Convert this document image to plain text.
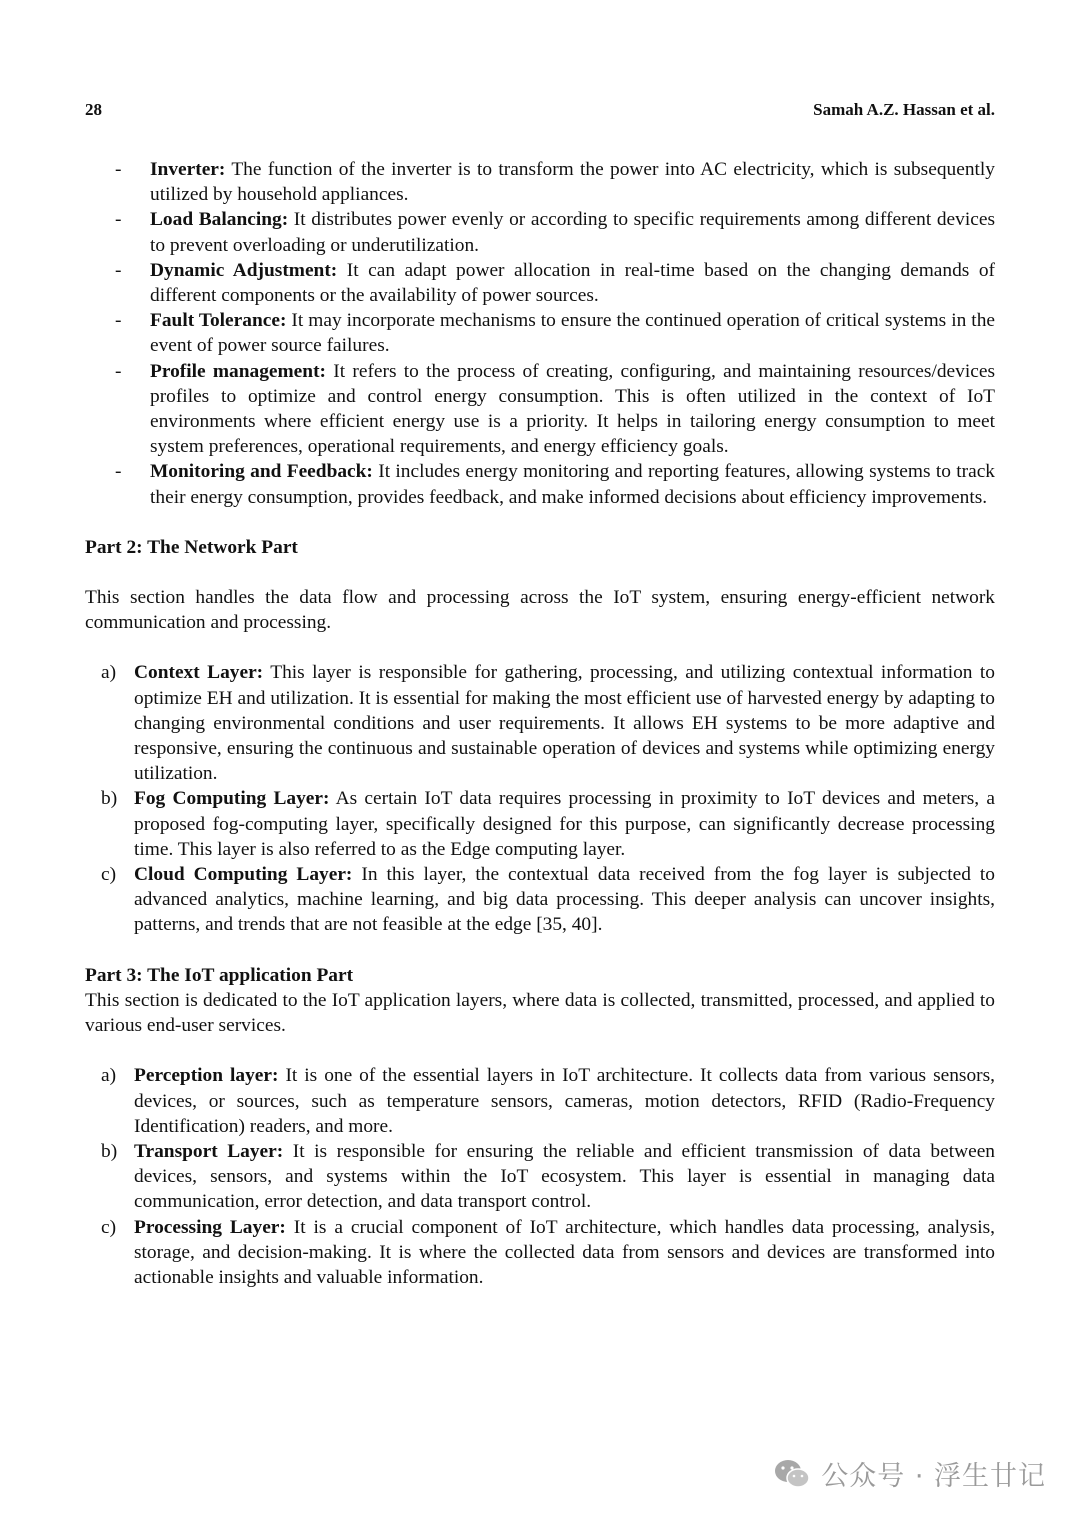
28	Samah A.Z. Hassan et al.
- Inverter: The function of the inverter is to transform the power into AC electricity, which is subsequently utilized by household appliances.
- Load Balancing: It distributes power evenly or according to specific requirements among different devices to prevent overloading or underutilization.
- Dynamic Adjustment: It can adapt power allocation in real-time based on the changing demands of different components or the availability of power sources.
- Fault Tolerance: It may incorporate mechanisms to ensure the continued operation of critical systems in the event of power source failures.
- Profile management: It refers to the process of creating, configuring, and maintaining resources/devices profiles to optimize and control energy consumption. This is often utilized in the context of IoT environments where efficient energy use is a priority. It helps in tailoring energy consumption to meet system preferences, operational requirements, and energy efficiency goals.
- Monitoring and Feedback: It includes energy monitoring and reporting features, allowing systems to track their energy consumption, provides feedback, and make informed decisions about efficiency improvements.
Part 2: The Network Part
This section handles the data flow and processing across the IoT system, ensuring energy-efficient network communication and processing.
a) Context Layer: This layer is responsible for gathering, processing, and utilizing contextual information to optimize EH and utilization. It is essential for making the most efficient use of harvested energy by adapting to changing environmental conditions and user requirements. It allows EH systems to be more adaptive and responsive, ensuring the continuous and sustainable operation of devices and systems while optimizing energy utilization.
b) Fog Computing Layer: As certain IoT data requires processing in proximity to IoT devices and meters, a proposed fog-computing layer, specifically designed for this purpose, can significantly decrease processing time. This layer is also referred to as the Edge computing layer.
c) Cloud Computing Layer: In this layer, the contextual data received from the fog layer is subjected to advanced analytics, machine learning, and big data processing. This deeper analysis can uncover insights, patterns, and trends that are not feasible at the edge [35, 40].
Part 3: The IoT application Part
This section is dedicated to the IoT application layers, where data is collected, transmitted, processed, and applied to various end-user services.
a) Perception layer: It is one of the essential layers in IoT architecture. It collects data from various sensors, devices, or sources, such as temperature sensors, cameras, motion detectors, RFID (Radio-Frequency Identification) readers, and more.
b) Transport Layer: It is responsible for ensuring the reliable and efficient transmission of data between devices, sensors, and systems within the IoT ecosystem. This layer is essential in managing data communication, error detection, and data transport control.
c) Processing Layer: It is a crucial component of IoT architecture, which handles data processing, analysis, storage, and decision-making. It is where the collected data from sensors and devices are transformed into actionable insights and valuable information.
公众号 · 浮生廿记
